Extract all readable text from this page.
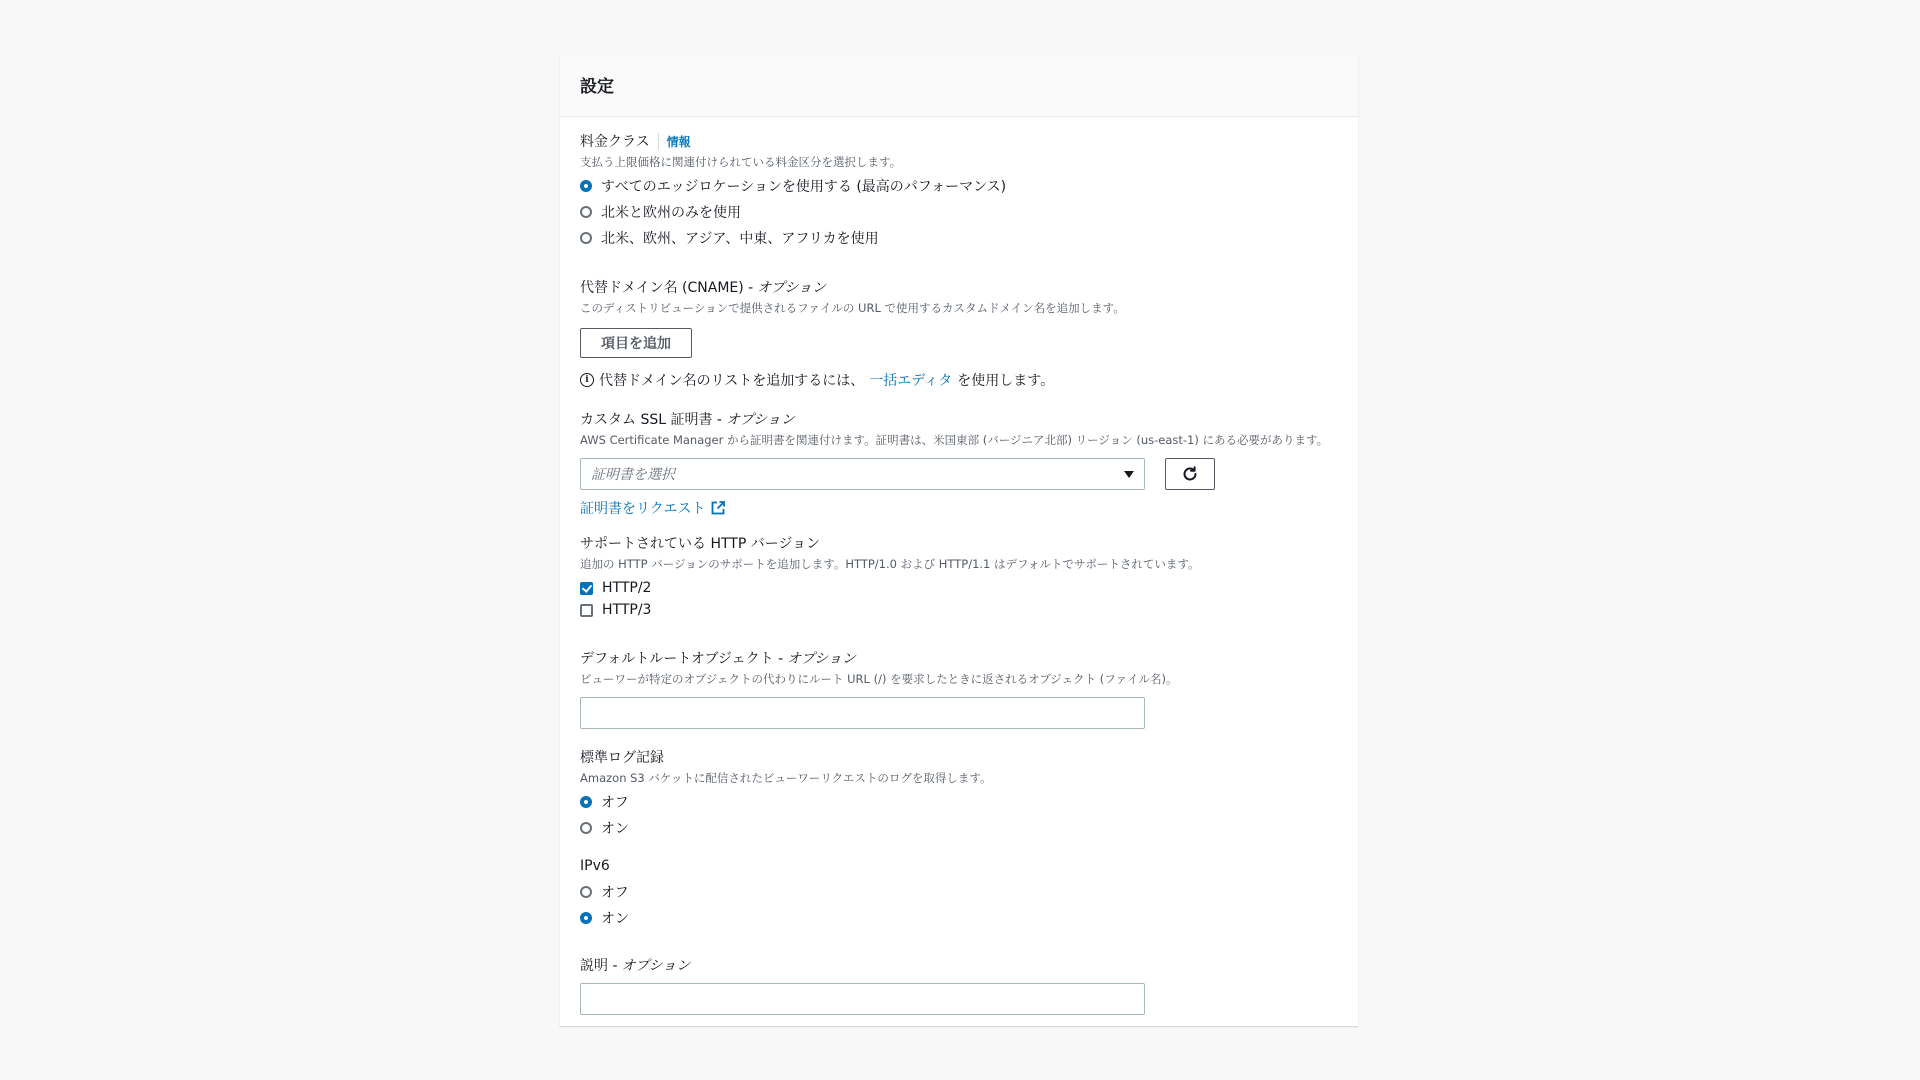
設定
料金クラス	情報
支払う上限価格に関連付けられている料金区分を選択します。
すべてのエッジロケーションを使用する (最高のパフォーマンス)
北米と欧州のみを使用
北米、欧州、アジア、中東、アフリカを使用
代替ドメイン名 (CNAME) - オプション
このディストリビューションで提供されるファイルの URL で使用するカスタムドメイン名を追加します。
項目を追加
i 代替ドメイン名のリストを追加するには、 一括エディタ を使用します。
カスタム SSL 証明書 - オプション
AWS Certificate Manager から証明書を関連付けます。証明書は、米国東部 (バージニア北部) リージョン (us-east-1) にある必要があります。
証明書を選択
証明書をリクエスト
サポートされている HTTP バージョン
追加の HTTP バージョンのサポートを追加します。HTTP/1.0 および HTTP/1.1 はデフォルトでサポートされています。
HTTP/2
HTTP/3
デフォルトルートオブジェクト - オプション
ビューワーが特定のオブジェクトの代わりにルート URL (/) を要求したときに返されるオブジェクト (ファイル名)。
標準ログ記録
Amazon S3 バケットに配信されたビューワーリクエストのログを取得します。
オフ
オン
IPv6
オフ
オン
説明 - オプション
